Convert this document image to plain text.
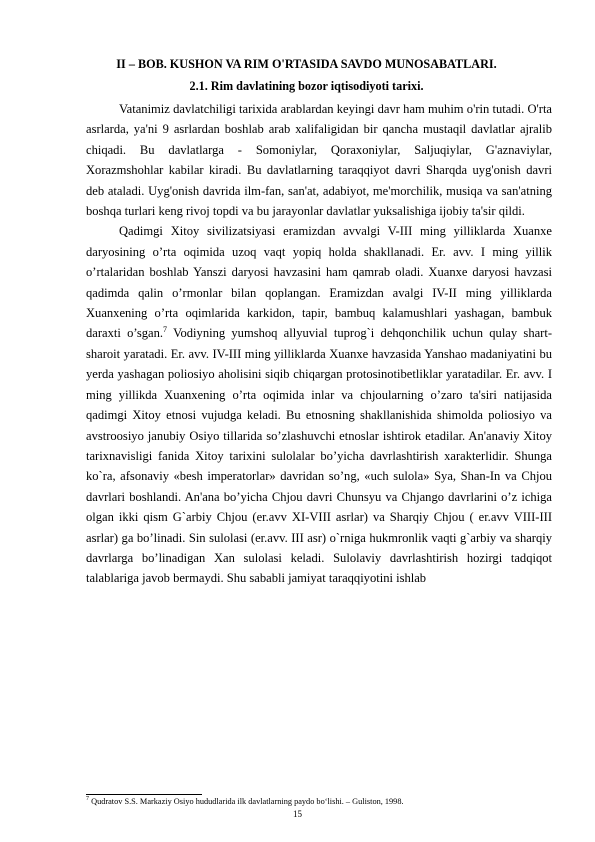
II – BOB. KUSHON VA RIM O'RTASIDA SAVDO MUNOSABATLARI.
2.1. Rim davlatining bozor iqtisodiyoti tarixi.

Vatanimiz davlatchiligi tarixida arablardan keyingi davr ham muhim o'rin tutadi. O'rta asrlarda, ya'ni 9 asrlardan boshlab arab xalifaligidan bir qancha mustaqil davlatlar ajralib chiqadi. Bu davlatlarga - Somoniylar, Qoraxoniylar, Saljuqiylar, G'aznaviylar, Xorazmshohlar kabilar kiradi. Bu davlatlarning taraqqiyot davri Sharqda uyg'onish davri deb ataladi. Uyg'onish davrida ilm-fan, san'at, adabiyot, me'morchilik, musiqa va san'atning boshqa turlari keng rivoj topdi va bu jarayonlar davlatlar yuksalishiga ijobiy ta'sir qildi.

Qadimgi Xitoy sivilizatsiyasi eramizdan avvalgi V-III ming yilliklarda Xuanxe daryosining o’rta oqimida uzoq vaqt yopiq holda shakllanadi. Er. avv. I ming yillik o’rtalaridan boshlab Yanszi daryosi havzasini ham qamrab oladi. Xuanxe daryosi havzasi qadimda qalin o’rmonlar bilan qoplangan. Eramizdan avalgi IV-II ming yilliklarda Xuanxening o’rta oqimlarida karkidon, tapir, bambuq kalamushlari yashagan, bambuk daraxti o’sgan.$^7$ Vodiyning yumshoq allyuvial tuprog`i dehqonchilik uchun qulay shart-sharoit yaratadi. Er. avv. IV-III ming yilliklarda Xuanxe havzasida Yanshao madaniyatini bu yerda yashagan poliosiyo aholisini siqib chiqargan protosinotibetliklar yaratadilar. Er. avv. I ming yillikda Xuanxening o’rta oqimida inlar va chjoularning o’zaro ta'siri natijasida qadimgi Xitoy etnosi vujudga keladi. Bu etnosning shakllanishida shimolda poliosiyo va avstroosiyo janubiy Osiyo tillarida so’zlashuvchi etnoslar ishtirok etadilar. An'anaviy Xitoy tarixnavisligi fanida Xitoy tarixini sulolalar bo’yicha davrlashtirish xarakterlidir. Shunga ko`ra, afsonaviy «besh imperatorlar» davridan so’ng, «uch sulola» Sya, Shan-In va Chjou davrlari boshlandi. An'ana bo’yicha Chjou davri Chunsyu va Chjango davrlarini o’z ichiga olgan ikki qism G`arbiy Chjou (er.avv XI-VIII asrlar) va Sharqiy Chjou ( er.avv VIII-III asrlar) ga bo’linadi. Sin sulolasi (er.avv. III asr) o`rniga hukmronlik vaqti g`arbiy va sharqiy davrlarga bo’linadigan Xan sulolasi keladi. Sulolaviy davrlashtirish hozirgi tadqiqot talablariga javob bermaydi. Shu sababli jamiyat taraqqiyotini ishlab

$^7$ Qudratov S.S. Markaziy Osiyo hududlarida ilk davlatlarning paydo bo‘lishi. – Guliston, 1998.

15
